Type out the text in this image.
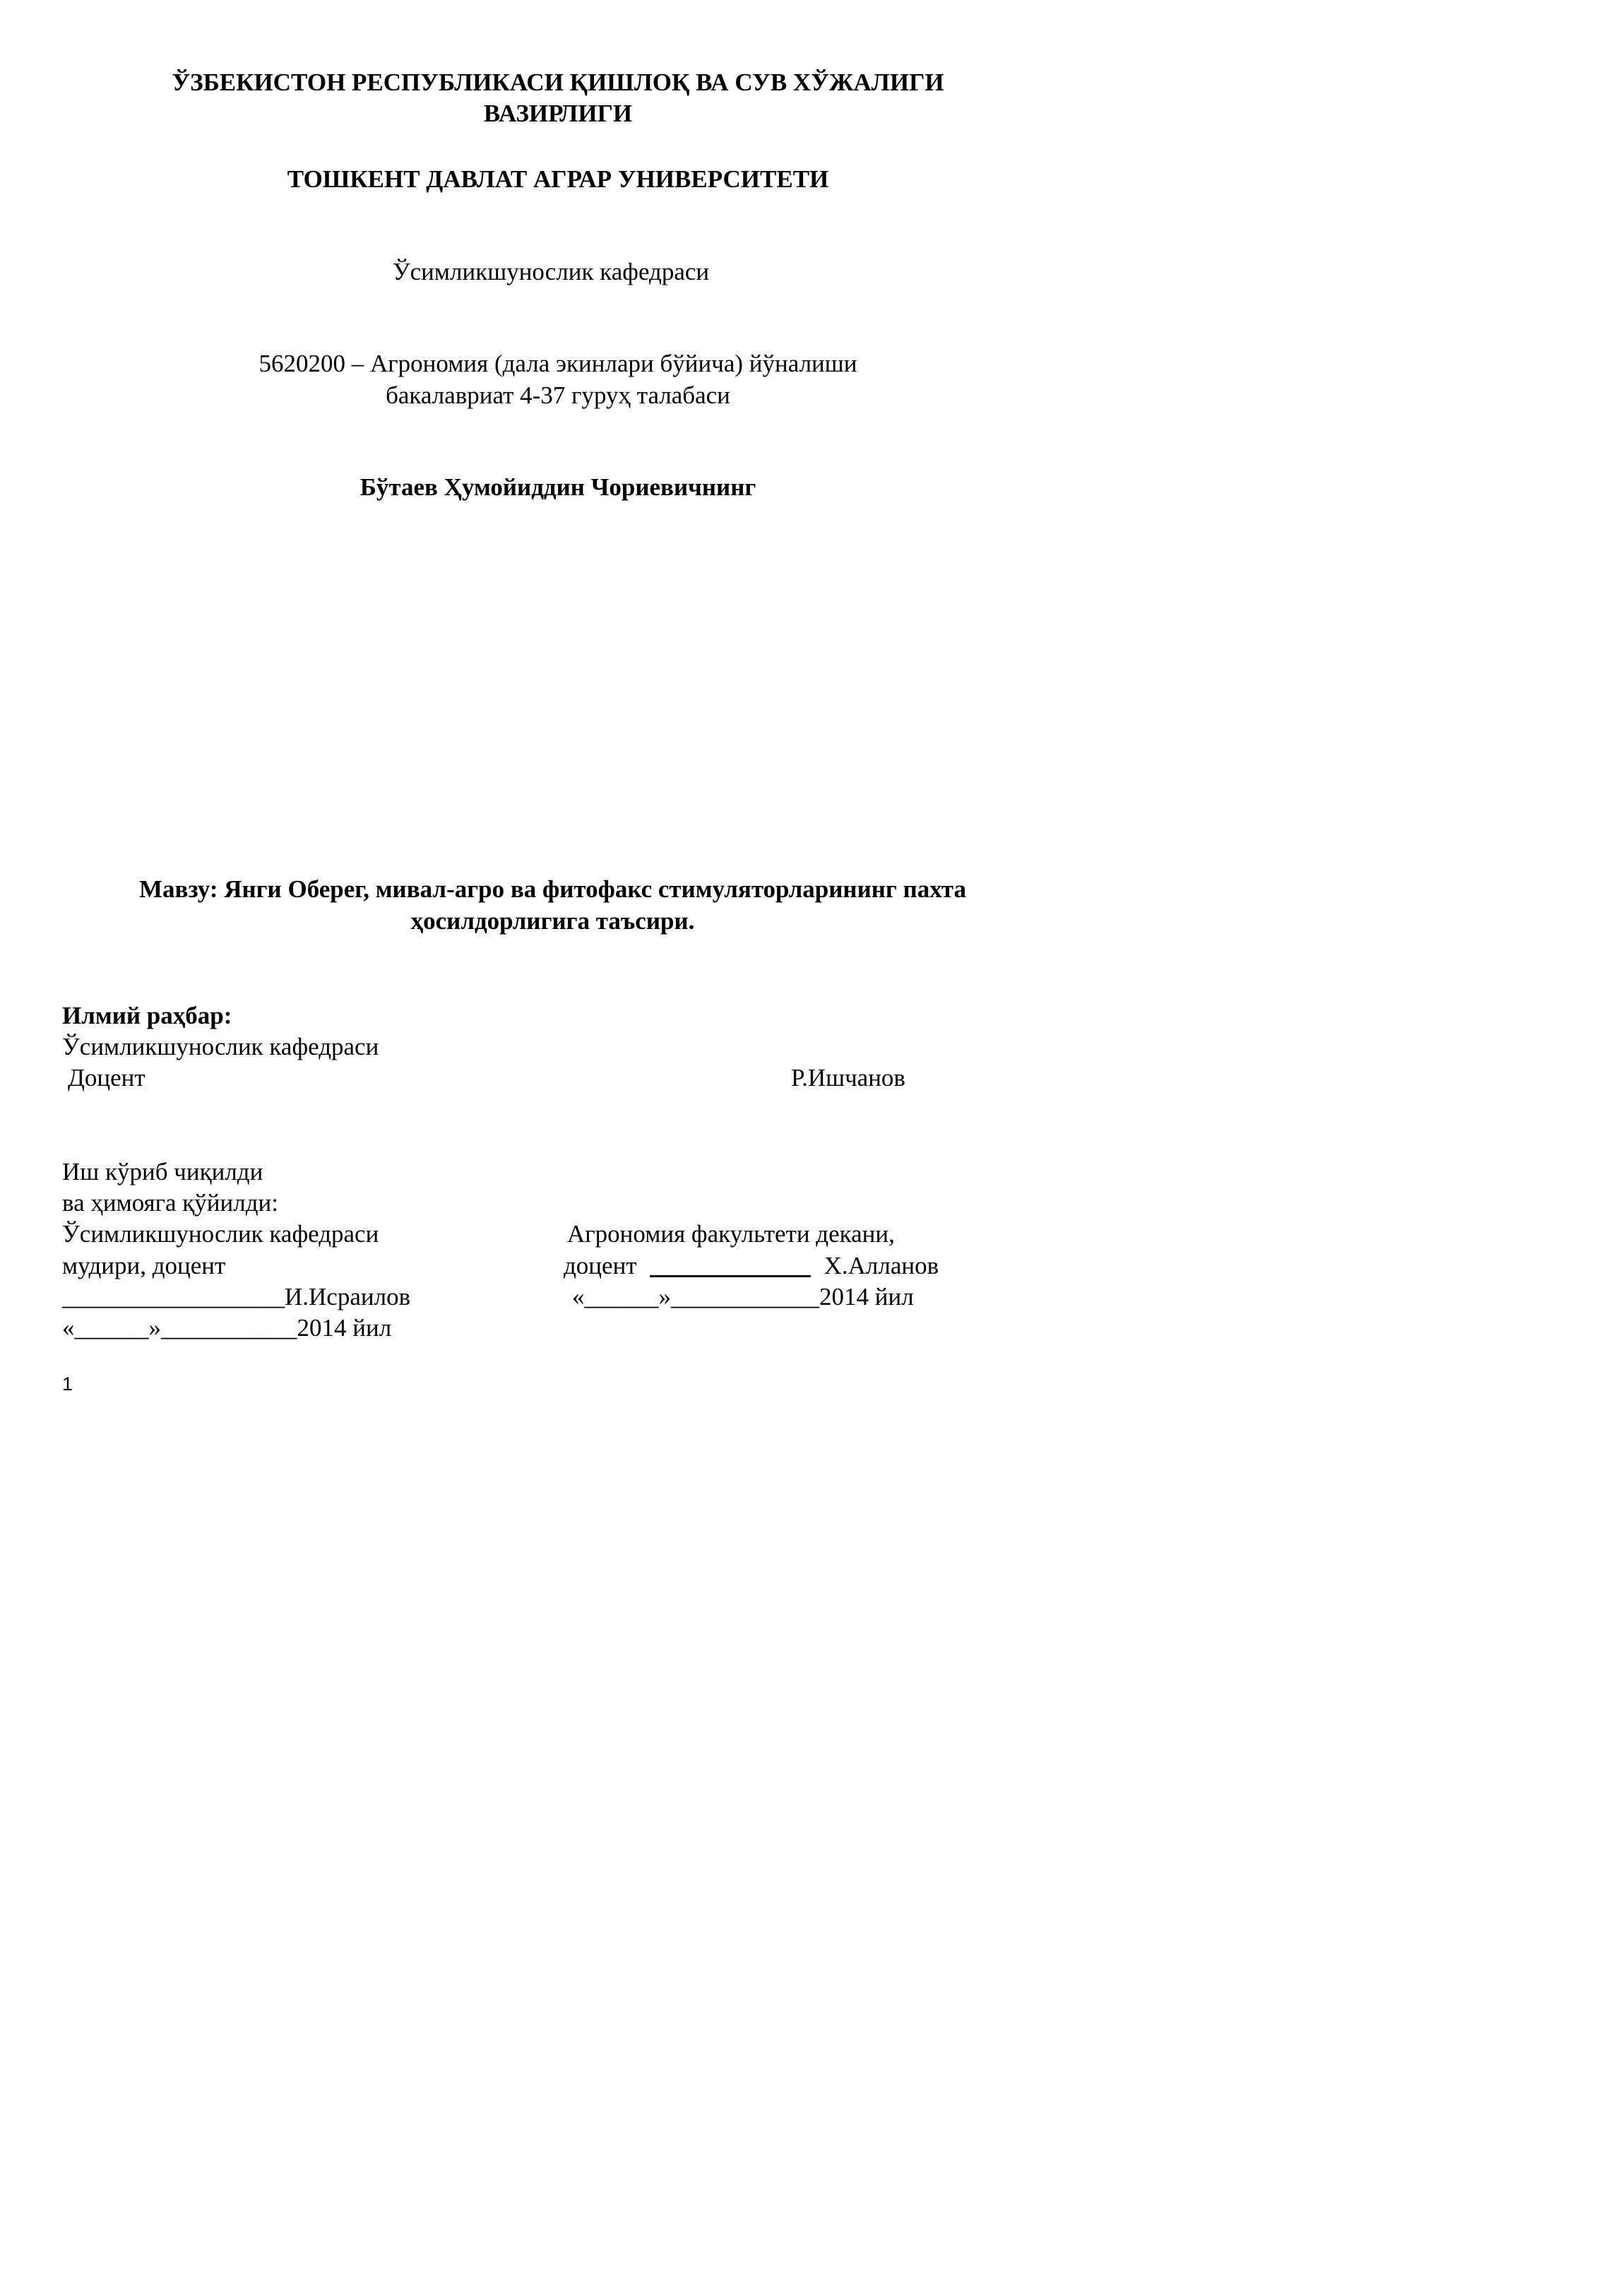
ЎЗБЕКИСТОН РЕСПУБЛИКАСИ ҚИШЛОҚ ВА СУВ ХЎЖАЛИГИ
ВАЗИРЛИГИ
ТОШКЕНТ ДАВЛАТ АГРАР УНИВЕРСИТЕТИ
Ўсимликшунослик кафедраси
5620200 – Агрономия (дала экинлари бўйича) йўналиши
бакалавриат 4-37 гуруҳ талабаси
Бўтаев Ҳумойиддин Чориевичнинг
Мавзу: Янги Оберег, мивал-агро ва фитофакс стимуляторларининг пахта
ҳосилдорлигига таъсири.
Илмий раҳбар:
Ўсимликшунослик кафедраси
Доцент	Р.Ишчанов
Иш кўриб чиқилди
ва ҳимояга қўйилди:
Ўсимликшунослик кафедраси
мудири, доцент
__________________И.Исраилов
«______»___________2014 йил
Агрономия факультети декани,
доцент _____________ Х.Алланов
«______»____________2014 йил
1
